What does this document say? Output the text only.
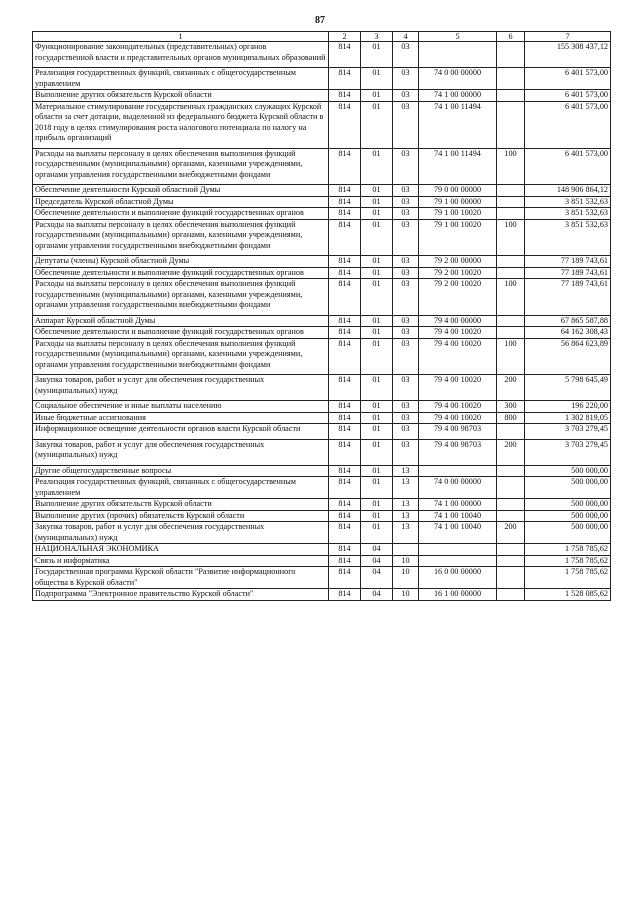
87
1	2	3	4	5	6	7
Функционирование законодательных (представительных) органов государственной власти и представительных органов муниципальных образований	814	01	03			155 308 437,12
Реализация государственных функций, связанных с общегосударственным управлением	814	01	03	74 0 00 00000		6 401 573,00
Выполнение других обязательств Курской области	814	01	03	74 1 00 00000		6 401 573,00
Материальное стимулирование государственных гражданских служащих Курской области за счет дотации, выделенной из федерального бюджета Курской области в 2018 году в целях стимулирования роста налогового потенциала по налогу на прибыль организаций	814	01	03	74 1 00 11494		6 401 573,00
Расходы на выплаты персоналу в целях обеспечения выполнения функций государственными (муниципальными) органами, казенными учреждениями, органами управления государственными внебюджетными фондами	814	01	03	74 1 00 11494	100	6 401 573,00
Обеспечение деятельности Курской областной Думы	814	01	03	79 0 00 00000		148 906 864,12
Председатель Курской областной Думы	814	01	03	79 1 00 00000		3 851 532,63
Обеспечение деятельности и выполнение функций государственных органов	814	01	03	79 1 00 10020		3 851 532,63
Расходы на выплаты персоналу в целях обеспечения выполнения функций государственными (муниципальными) органами, казенными учреждениями, органами управления государственными внебюджетными фондами	814	01	03	79 1 00 10020	100	3 851 532,63
Депутаты (члены) Курской областной Думы	814	01	03	79 2 00 00000		77 189 743,61
Обеспечение деятельности и выполнение функций государственных органов	814	01	03	79 2 00 10020		77 189 743,61
Расходы на выплаты персоналу в целях обеспечения выполнения функций государственными (муниципальными) органами, казенными учреждениями, органами управления государственными внебюджетными фондами	814	01	03	79 2 00 10020	100	77 189 743,61
Аппарат Курской областной Думы	814	01	03	79 4 00 00000		67 865 587,88
Обеспечение деятельности и выполнение функций государственных органов	814	01	03	79 4 00 10020		64 162 308,43
Расходы на выплаты персоналу в целях обеспечения выполнения функций государственными (муниципальными) органами, казенными учреждениями, органами управления государственными внебюджетными фондами	814	01	03	79 4 00 10020	100	56 864 623,89
Закупка товаров, работ и услуг для обеспечения государственных (муниципальных) нужд	814	01	03	79 4 00 10020	200	5 798 645,49
Социальное обеспечение и иные выплаты населению	814	01	03	79 4 00 10020	300	196 220,00
Иные бюджетные ассигнования	814	01	03	79 4 00 10020	800	1 302 819,05
Информационное освещение деятельности органов власти Курской области	814	01	03	79 4 00 98703		3 703 279,45
Закупка товаров, работ и услуг для обеспечения государственных (муниципальных) нужд	814	01	03	79 4 00 98703	200	3 703 279,45
Другие общегосударственные вопросы	814	01	13			500 000,00
Реализация государственных функций, связанных с общегосударственным управлением	814	01	13	74 0 00 00000		500 000,00
Выполнение других обязательств Курской области	814	01	13	74 1 00 00000		500 000,00
Выполнение других (прочих) обязательств Курской области	814	01	13	74 1 00 10040		500 000,00
Закупка товаров, работ и услуг для обеспечения государственных (муниципальных) нужд	814	01	13	74 1 00 10040	200	500 000,00
НАЦИОНАЛЬНАЯ ЭКОНОМИКА	814	04				1 758 785,62
Связь и информатика	814	04	10			1 758 785,62
Государственная программа Курской области "Развитие информационного общества в Курской области"	814	04	10	16 0 00 00000		1 758 785,62
Подпрограмма "Электронное правительство Курской области"	814	04	10	16 1 00 00000		1 528 085,62
